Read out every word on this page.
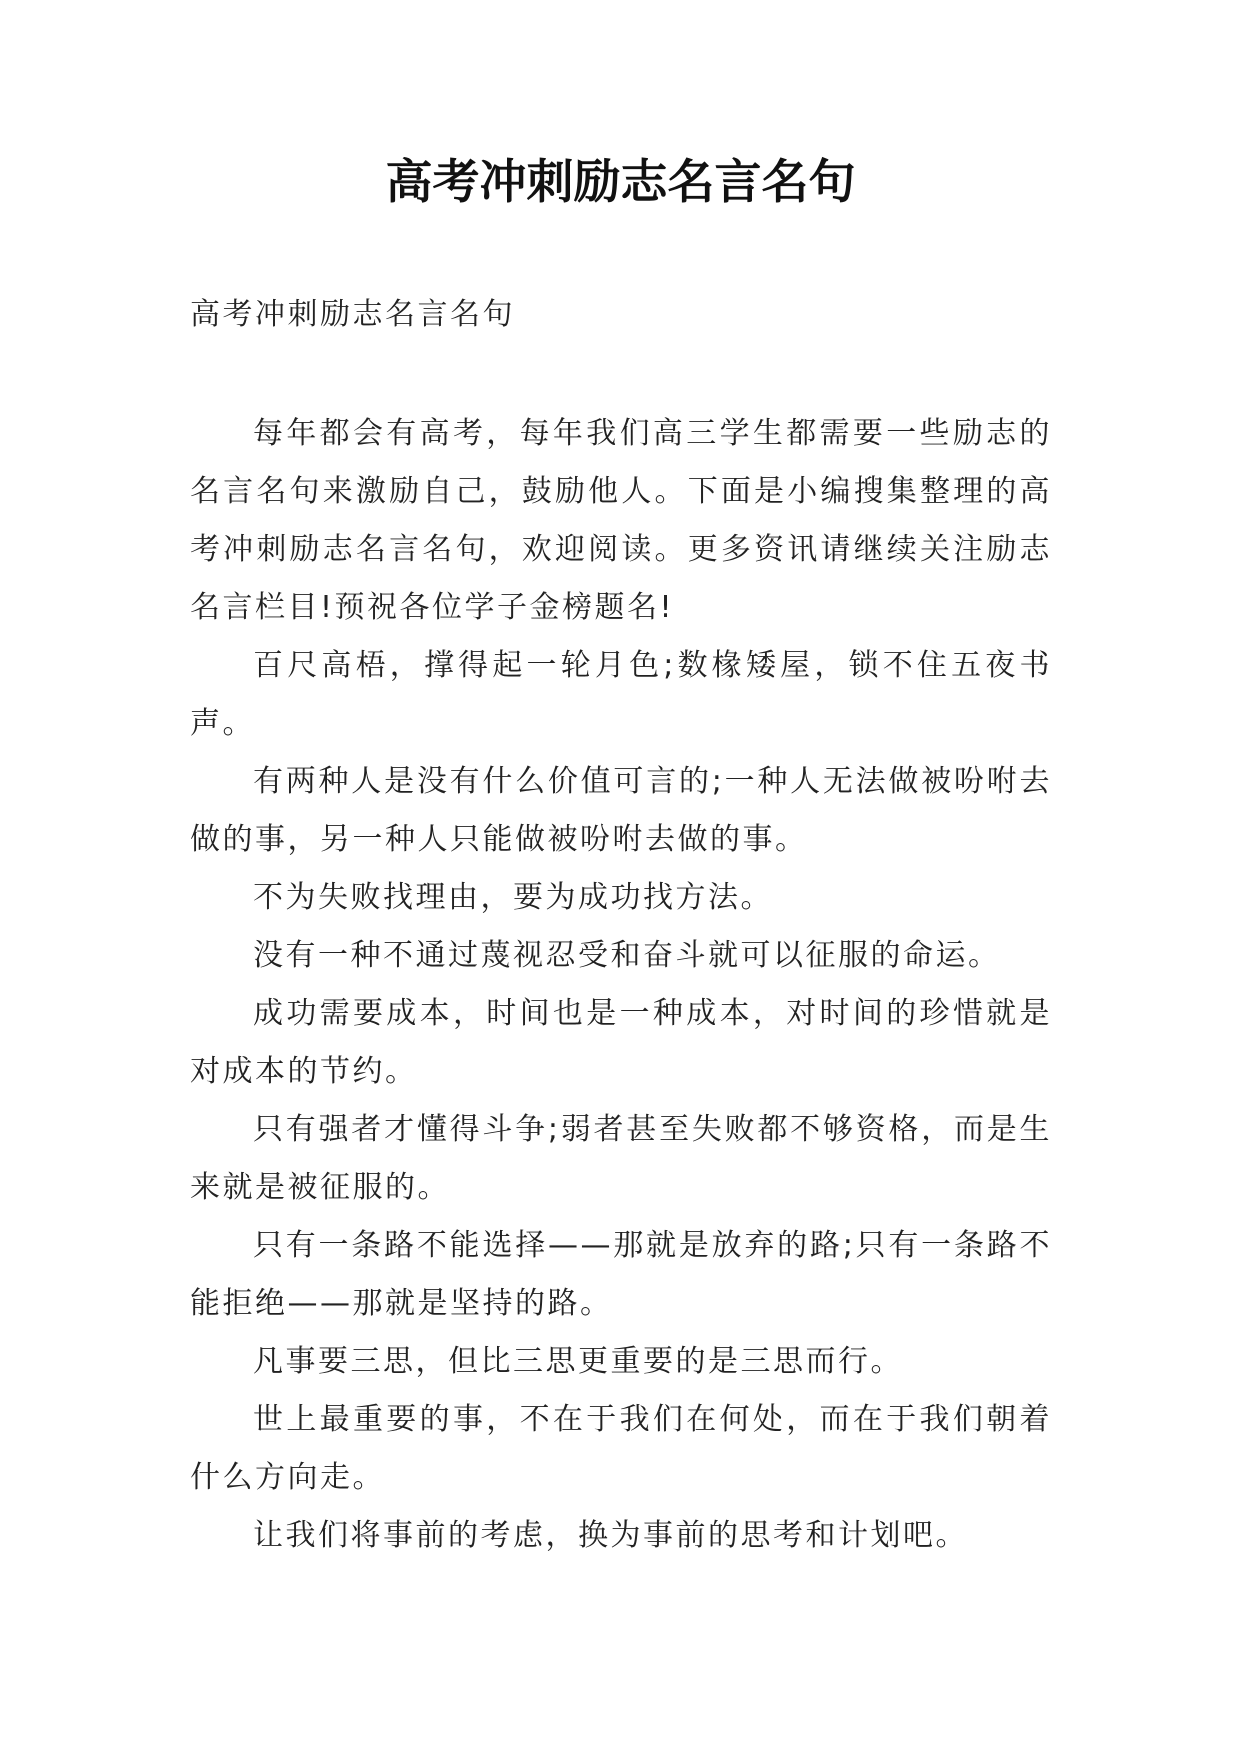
高考冲刺励志名言名句
高考冲刺励志名言名句

每年都会有高考，每年我们高三学生都需要一些励志的名言名句来激励自己，鼓励他人。下面是小编搜集整理的高考冲刺励志名言名句，欢迎阅读。更多资讯请继续关注励志名言栏目!预祝各位学子金榜题名!

百尺高梧，撑得起一轮月色;数椽矮屋，锁不住五夜书声。

有两种人是没有什么价值可言的;一种人无法做被吩咐去做的事，另一种人只能做被吩咐去做的事。

不为失败找理由，要为成功找方法。

没有一种不通过蔑视忍受和奋斗就可以征服的命运。

成功需要成本，时间也是一种成本，对时间的珍惜就是对成本的节约。

只有强者才懂得斗争;弱者甚至失败都不够资格，而是生来就是被征服的。

只有一条路不能选择——那就是放弃的路;只有一条路不能拒绝——那就是坚持的路。

凡事要三思，但比三思更重要的是三思而行。

世上最重要的事，不在于我们在何处，而在于我们朝着什么方向走。

让我们将事前的考虑，换为事前的思考和计划吧。
